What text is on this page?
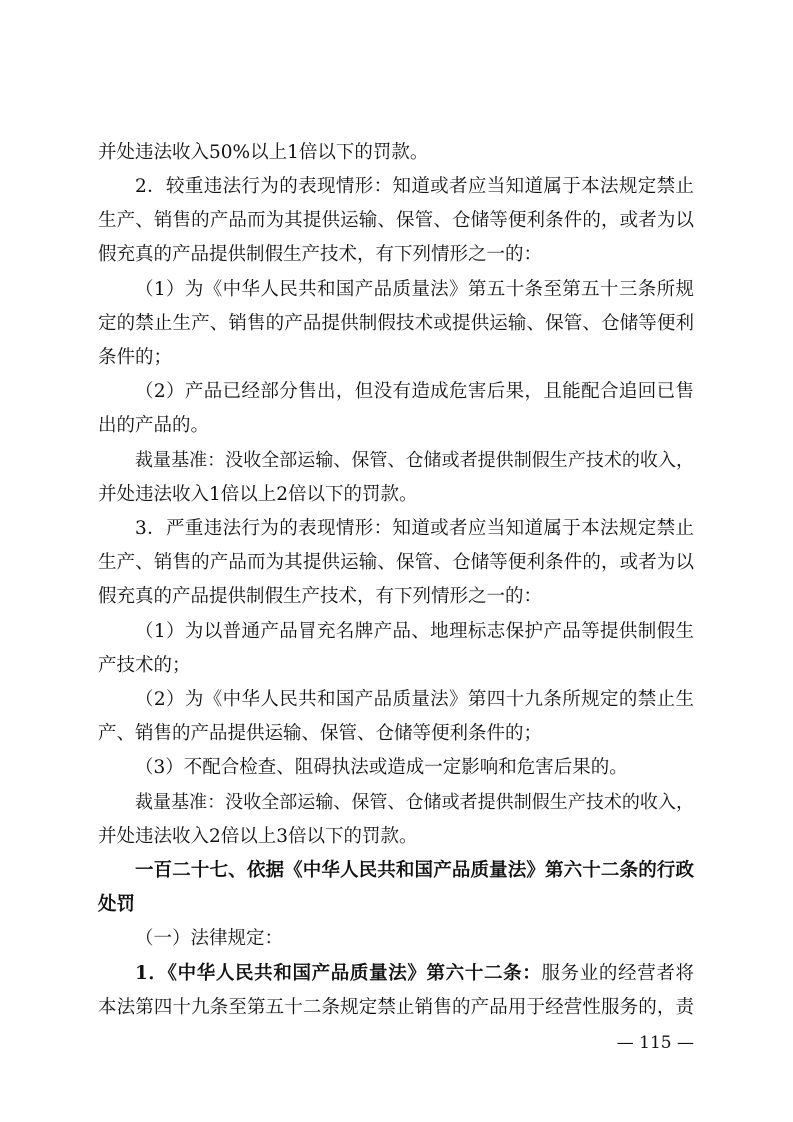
并处违法收入50%以上1倍以下的罚款。
2．较重违法行为的表现情形：知道或者应当知道属于本法规定禁止
生产、销售的产品而为其提供运输、保管、仓储等便利条件的，或者为以
假充真的产品提供制假生产技术，有下列情形之一的：
（1）为《中华人民共和国产品质量法》第五十条至第五十三条所规
定的禁止生产、销售的产品提供制假技术或提供运输、保管、仓储等便利
条件的；
（2）产品已经部分售出，但没有造成危害后果，且能配合追回已售
出的产品的。
裁量基准：没收全部运输、保管、仓储或者提供制假生产技术的收入，
并处违法收入1倍以上2倍以下的罚款。
3．严重违法行为的表现情形：知道或者应当知道属于本法规定禁止
生产、销售的产品而为其提供运输、保管、仓储等便利条件的，或者为以
假充真的产品提供制假生产技术，有下列情形之一的：
（1）为以普通产品冒充名牌产品、地理标志保护产品等提供制假生
产技术的；
（2）为《中华人民共和国产品质量法》第四十九条所规定的禁止生
产、销售的产品提供运输、保管、仓储等便利条件的；
（3）不配合检查、阻碍执法或造成一定影响和危害后果的。
裁量基准：没收全部运输、保管、仓储或者提供制假生产技术的收入，
并处违法收入2倍以上3倍以下的罚款。
一百二十七、依据《中华人民共和国产品质量法》第六十二条的行政
处罚
（一）法律规定：
1．《中华人民共和国产品质量法》第六十二条：服务业的经营者将
本法第四十九条至第五十二条规定禁止销售的产品用于经营性服务的，责
— 115 —
